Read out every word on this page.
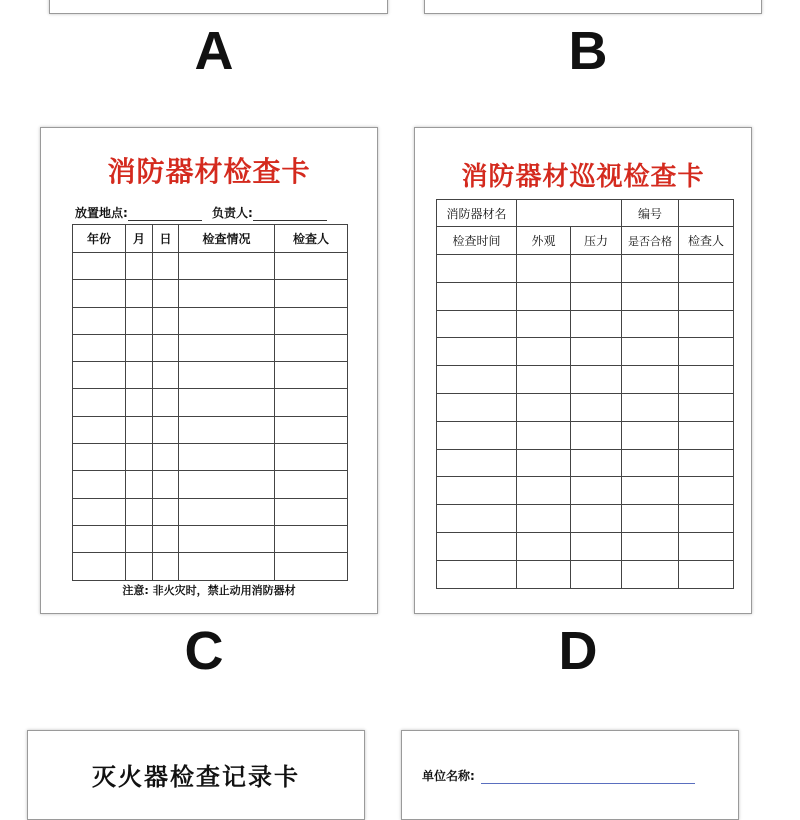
A	B
消防器材检查卡
放置地点:	负责人:
年份	月	日	检查情况	检查人

注意: 非火灾时，禁止动用消防器材
C
消防器材巡视检查卡
消防器材名			编号	
检查时间	外观	压力	是否合格	检查人

D
灭火器检查记录卡	单位名称:
